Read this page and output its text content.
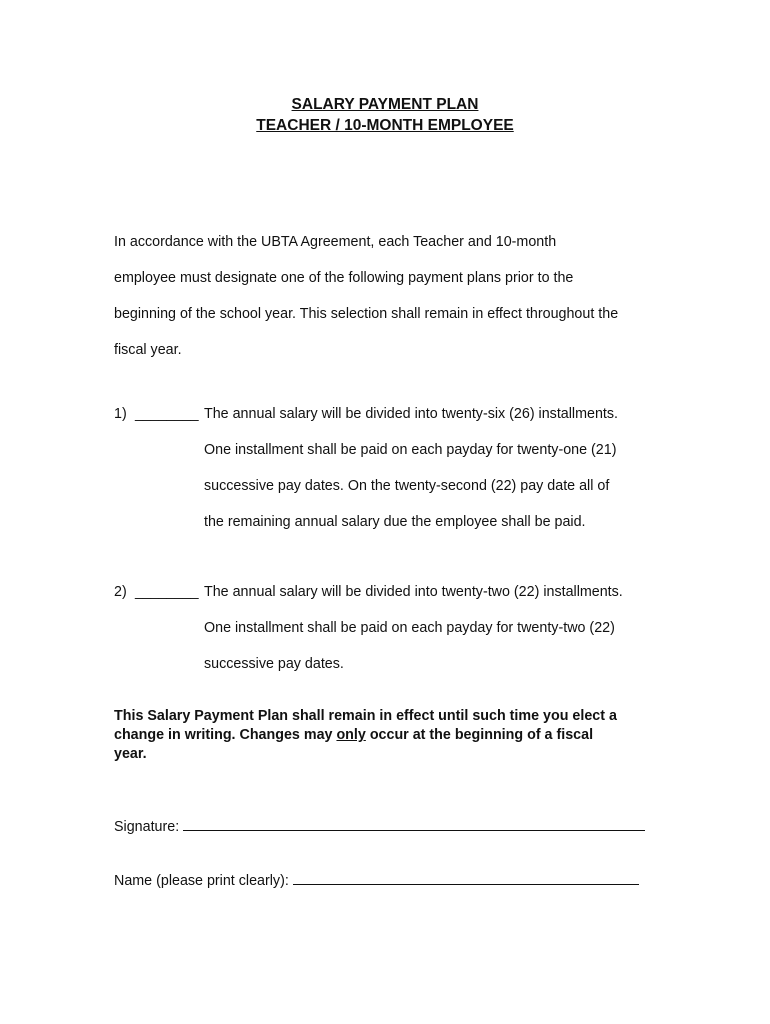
SALARY PAYMENT PLAN
TEACHER / 10-MONTH EMPLOYEE
In accordance with the UBTA Agreement, each Teacher and 10-month
employee must designate one of the following payment plans prior to the
beginning of the school year. This selection shall remain in effect throughout the
fiscal year.
1) ________ The annual salary will be divided into twenty-six (26) installments.
One installment shall be paid on each payday for twenty-one (21)
successive pay dates. On the twenty-second (22) pay date all of
the remaining annual salary due the employee shall be paid.
2) ________ The annual salary will be divided into twenty-two (22) installments.
One installment shall be paid on each payday for twenty-two (22)
successive pay dates.
This Salary Payment Plan shall remain in effect until such time you elect a
change in writing. Changes may only occur at the beginning of a fiscal
year.
Signature:
Name (please print clearly):
